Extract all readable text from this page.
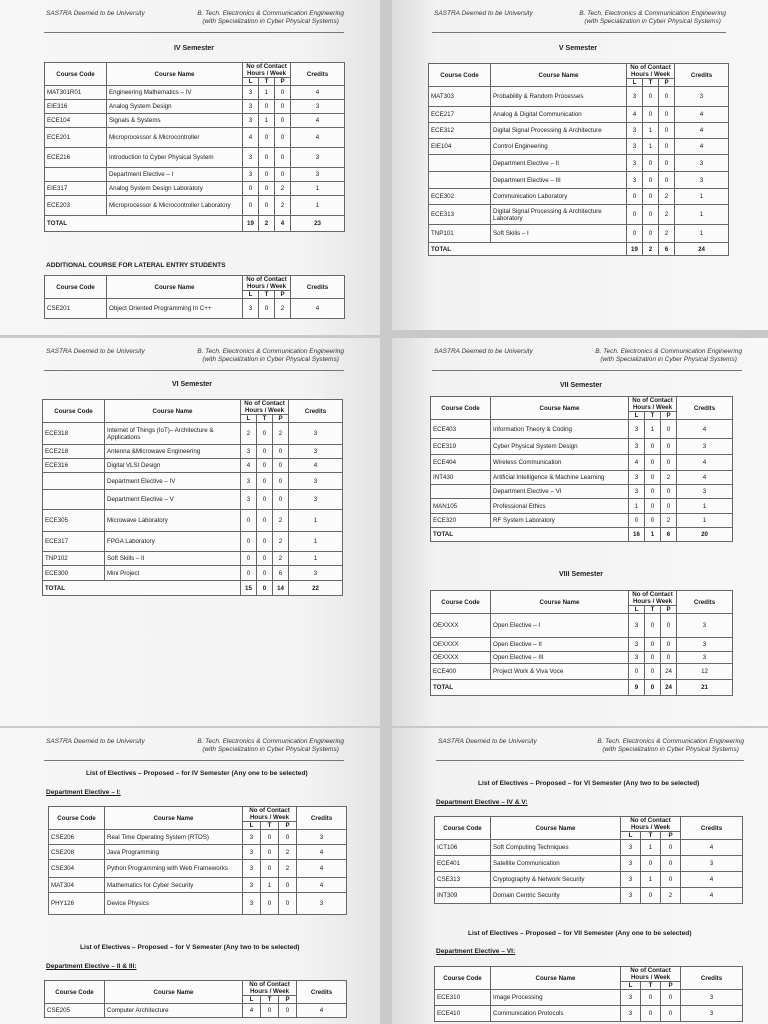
SASTRA Deemed to be University	B. Tech. Electronics & Communication Engineering
(with Specialization in Cyber Physical Systems)
IV Semester
Course Code	Course Name	No of Contact Hours / Week			Credits
		L	T	P	
MAT301R01	Engineering Mathematics – IV	3	1	0	4
EIE316	Analog System Design	3	0	0	3
ECE104	Signals & Systems	3	1	0	4
ECE201	Microprocessor & Microcontroller	4	0	0	4
ECE216	Introduction to Cyber Physical System	3	0	0	3
	Department Elective – I	3	0	0	3
EIE317	Analog System Design Laboratory	0	0	2	1
ECE203	Microprocessor & Microcontroller Laboratory	0	0	2	1
TOTAL		19	2	4	23
ADDITIONAL COURSE FOR LATERAL ENTRY STUDENTS
Course Code	Course Name	No of Contact Hours / Week			Credits
		L	T	P	
CSE201	Object Oriented Programming In C++	3	0	2	4
SASTRA Deemed to be University	B. Tech. Electronics & Communication Engineering
(with Specialization in Cyber Physical Systems)
V Semester
Course Code	Course Name	No of Contact Hours / Week			Credits
		L	T	P	
MAT303	Probability & Random Processes	3	0	0	3
ECE217	Analog & Digital Communication	4	0	0	4
ECE312	Digital Signal Processing & Architecture	3	1	0	4
EIE104	Control Engineering	3	1	0	4
	Department Elective – II	3	0	0	3
	Department Elective – III	3	0	0	3
ECE302	Communication Laboratory	0	0	2	1
ECE313	Digital Signal Processing & Architecture Laboratory	0	0	2	1
TNP101	Soft Skills – I	0	0	2	1
TOTAL		19	2	6	24
SASTRA Deemed to be University	B. Tech. Electronics & Communication Engineering
(with Specialization in Cyber Physical Systems)
VI Semester
Course Code	Course Name	No of Contact Hours / Week			Credits
		L	T	P	
ECE318	Internet of Things (IoT)– Architecture & Applications	2	0	2	3
ECE218	Antenna &Microwave Engineering	3	0	0	3
ECE316	Digital VLSI Design	4	0	0	4
	Department Elective – IV	3	0	0	3
	Department Elective – V	3	0	0	3
ECE305	Microwave Laboratory	0	0	2	1
ECE317	FPGA Laboratory	0	0	2	1
TNP102	Soft Skills – II	0	0	2	1
ECE300	Mini Project	0	0	6	3
TOTAL		15	0	14	22
SASTRA Deemed to be University	B. Tech. Electronics & Communication Engineering
(with Specialization in Cyber Physical Systems)
VII Semester
Course Code	Course Name	No of Contact Hours / Week			Credits
		L	T	P	
ECE403	Information Theory & Coding	3	1	0	4
ECE319	Cyber Physical System Design	3	0	0	3
ECE404	Wireless Communication	4	0	0	4
INT430	Artificial Intelligence & Machine Learning	3	0	2	4
	Department Elective – VI	3	0	0	3
MAN105	Professional Ethics	1	0	0	1
ECE320	RF System Laboratory	0	0	2	1
TOTAL		16	1	6	20
VIII Semester
Course Code	Course Name	No of Contact Hours / Week			Credits
		L	T	P	
OEXXXX	Open Elective – I	3	0	0	3
OEXXXX	Open Elective – II	3	0	0	3
OEXXXX	Open Elective – III	3	0	0	3
ECE400	Project Work & Viva Voce	0	0	24	12
TOTAL		9	0	24	21
SASTRA Deemed to be University	B. Tech. Electronics & Communication Engineering
(with Specialization in Cyber Physical Systems)
List of Electives – Proposed – for IV Semester (Any one to be selected)
Department Elective – I:
Course Code	Course Name	No of Contact Hours / Week			Credits
		L	T	P	
CSE206	Real Time Operating System (RTOS)	3	0	0	3
CSE208	Java Programming	3	0	2	4
CSE304	Python Programming with Web Frameworks	3	0	2	4
MAT304	Mathematics for Cyber Security	3	1	0	4
PHY126	Device Physics	3	0	0	3
List of Electives – Proposed – for V Semester (Any two to be selected)
Department Elective – II & III:
Course Code	Course Name	No of Contact Hours / Week			Credits
		L	T	P	
CSE205	Computer Architecture	4	0	0	4
SASTRA Deemed to be University	B. Tech. Electronics & Communication Engineering
(with Specialization in Cyber Physical Systems)
List of Electives – Proposed – for VI Semester (Any two to be selected)
Department Elective – IV & V:
Course Code	Course Name	No of Contact Hours / Week			Credits
		L	T	P	
ICT106	Soft Computing Techniques	3	1	0	4
ECE401	Satellite Communication	3	0	0	3
CSE313	Cryptography & Network Security	3	1	0	4
INT309	Domain Centric Security	3	0	2	4
List of Electives – Proposed – for VII Semester (Any one to be selected)
Department Elective – VI:
Course Code	Course Name	No of Contact Hours / Week			Credits
		L	T	P	
ECE310	Image Processing	3	0	0	3
ECE410	Communication Protocols	3	0	0	3
